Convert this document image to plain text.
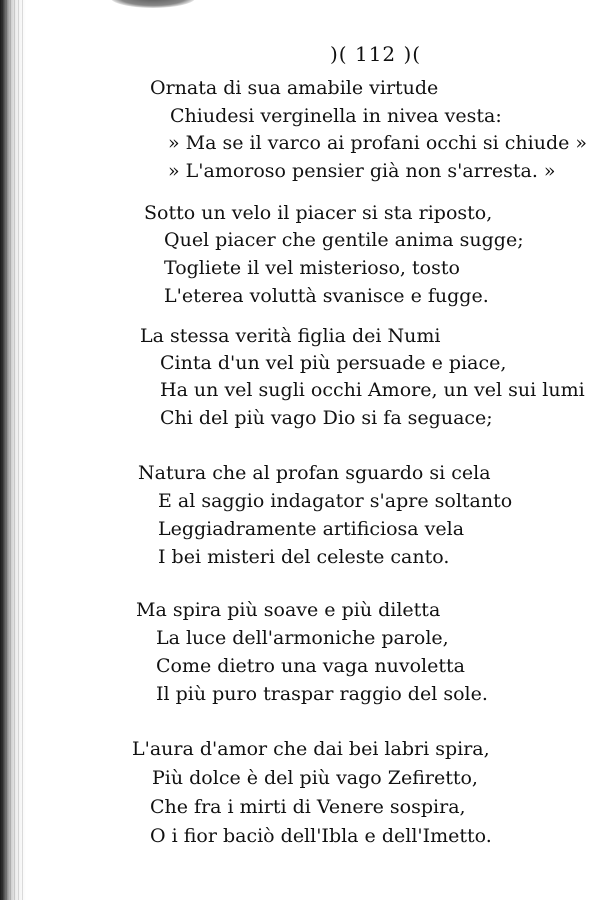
)( 112 )(
Ornata di sua amabile virtude
Chiudesi verginella in nivea vesta:
» Ma se il varco ai profani occhi si chiude »
» L'amoroso pensier già non s'arresta. »
Sotto un velo il piacer si sta riposto,
Quel piacer che gentile anima sugge;
Togliete il vel misterioso, tosto
L'eterea voluttà svanisce e fugge.
La stessa verità figlia dei Numi
Cinta d'un vel più persuade e piace,
Ha un vel sugli occhi Amore, un vel sui lumi
Chi del più vago Dio si fa seguace;
Natura che al profan sguardo si cela
E al saggio indagator s'apre soltanto
Leggiadramente artificiosa vela
I bei misteri del celeste canto.
Ma spira più soave e più diletta
La luce dell'armoniche parole,
Come dietro una vaga nuvoletta
Il più puro traspar raggio del sole.
L'aura d'amor che dai bei labri spira,
Più dolce è del più vago Zefiretto,
Che fra i mirti di Venere sospira,
O i fior baciò dell'Ibla e dell'Imetto.
